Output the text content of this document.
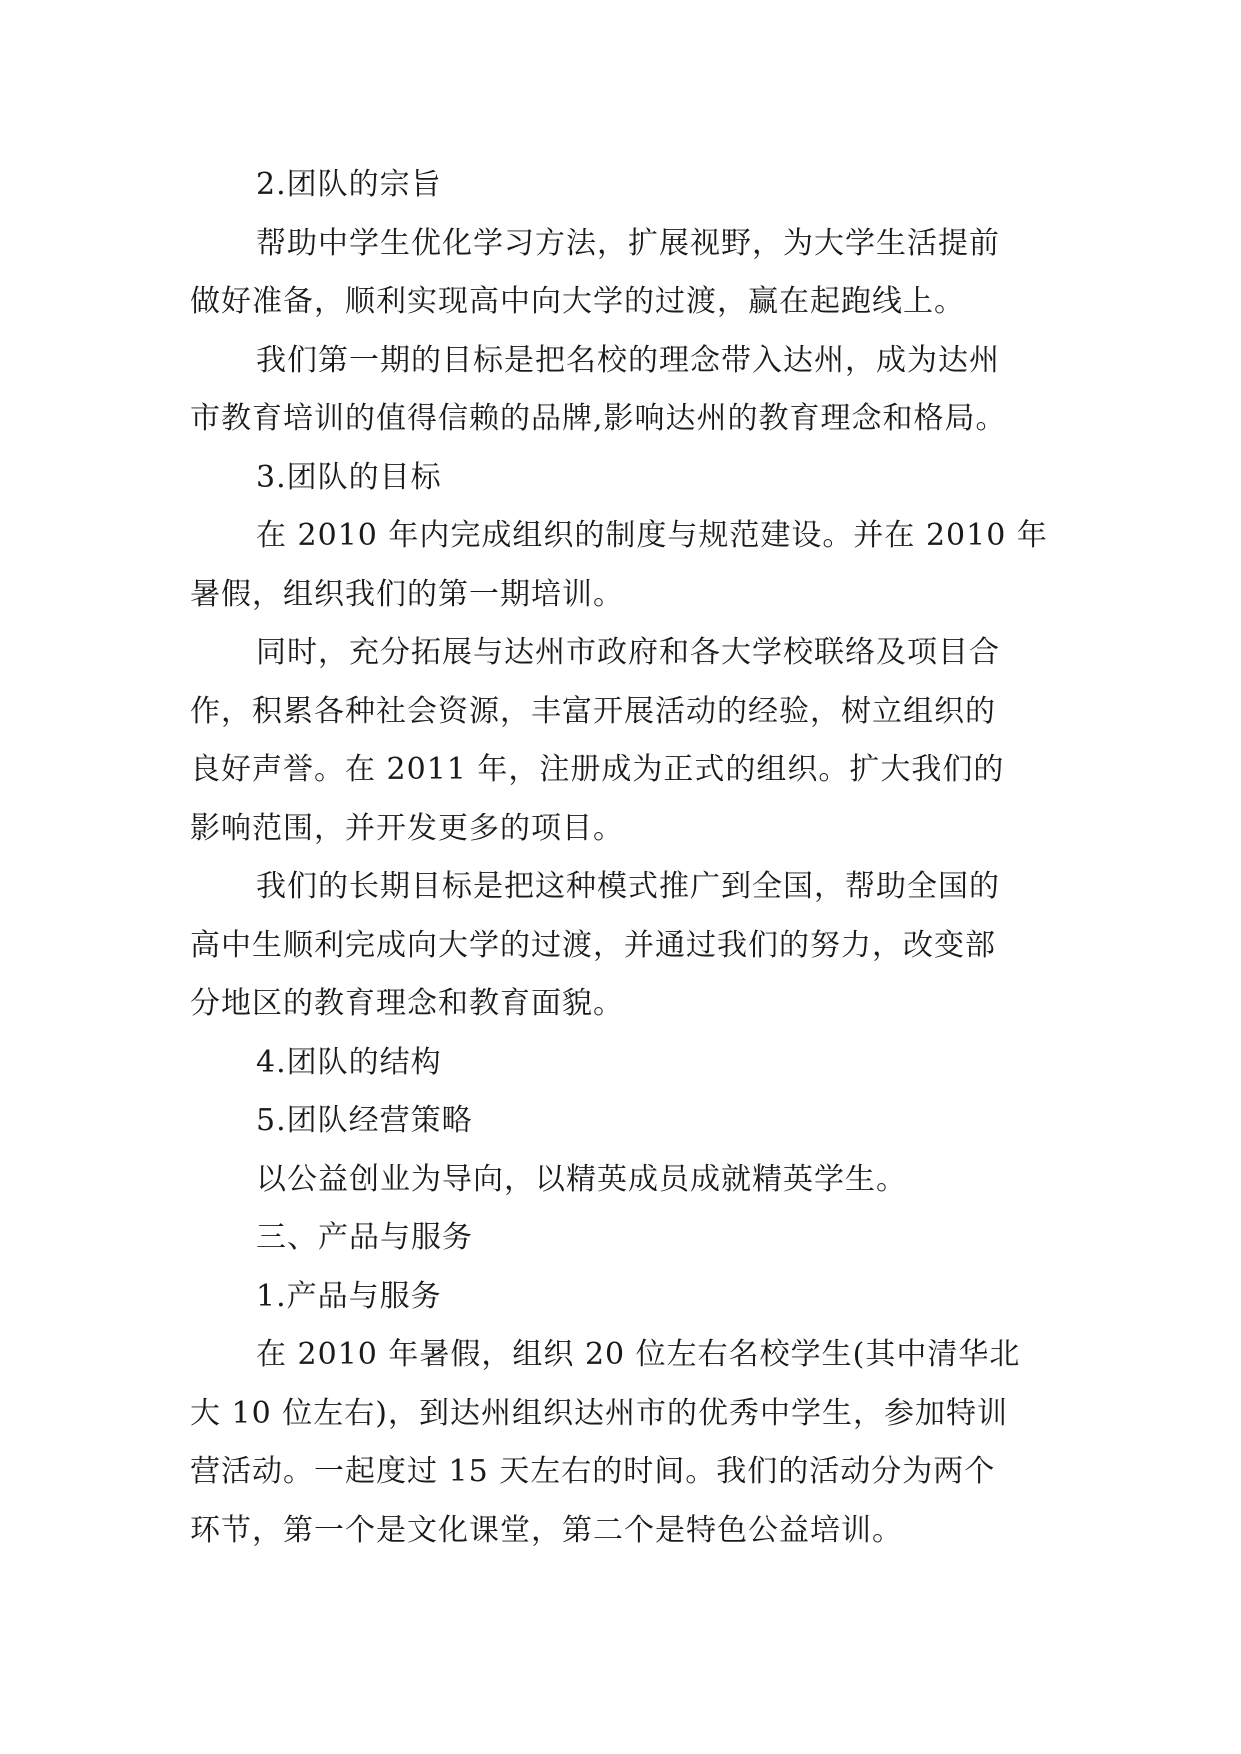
2.团队的宗旨

帮助中学生优化学习方法，扩展视野，为大学生活提前

做好准备，顺利实现高中向大学的过渡，赢在起跑线上。

我们第一期的目标是把名校的理念带入达州，成为达州

市教育培训的值得信赖的品牌,影响达州的教育理念和格局。

3.团队的目标

在 2010 年内完成组织的制度与规范建设。并在 2010 年

暑假，组织我们的第一期培训。

同时，充分拓展与达州市政府和各大学校联络及项目合

作，积累各种社会资源，丰富开展活动的经验，树立组织的

良好声誉。在 2011 年，注册成为正式的组织。扩大我们的

影响范围，并开发更多的项目。

我们的长期目标是把这种模式推广到全国，帮助全国的

高中生顺利完成向大学的过渡，并通过我们的努力，改变部

分地区的教育理念和教育面貌。

4.团队的结构

5.团队经营策略

以公益创业为导向，以精英成员成就精英学生。

三、产品与服务

1.产品与服务

在 2010 年暑假，组织 20 位左右名校学生(其中清华北

大 10 位左右)，到达州组织达州市的优秀中学生，参加特训

营活动。一起度过 15 天左右的时间。我们的活动分为两个

环节，第一个是文化课堂，第二个是特色公益培训。
